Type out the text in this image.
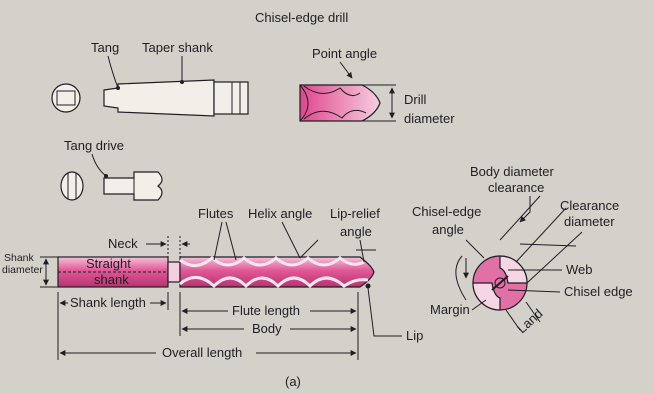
Chisel-edge drill
Tang Taper shank
Tang drive
Point angle
Drill
diameter
Straight
shank
Shank
diameter
Neck
Flutes Helix angle Lip-relief
angle
Lip
Shank length
Flute length
Body
Overall length
Body diameter
clearance
Clearance
diameter
Chisel-edge
angle
Web
Chisel edge
Margin	Land
(a)
